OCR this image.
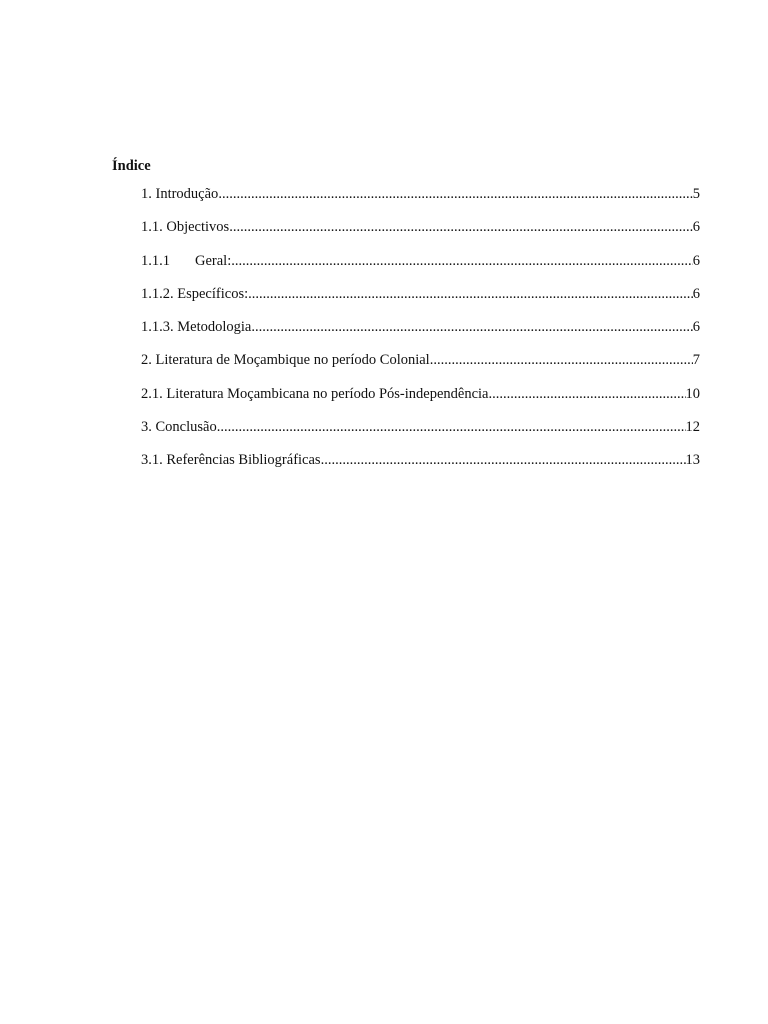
Índice
1. Introdução .....	5
1.1. Objectivos .....	6
1.1.1 Geral: .....	6
1.1.2. Específicos: .....	6
1.1.3. Metodologia .....	6
2. Literatura de Moçambique no período Colonial .....	7
2.1. Literatura Moçambicana no período Pós-independência .....	10
3. Conclusão .....	12
3.1. Referências Bibliográficas .....	13
